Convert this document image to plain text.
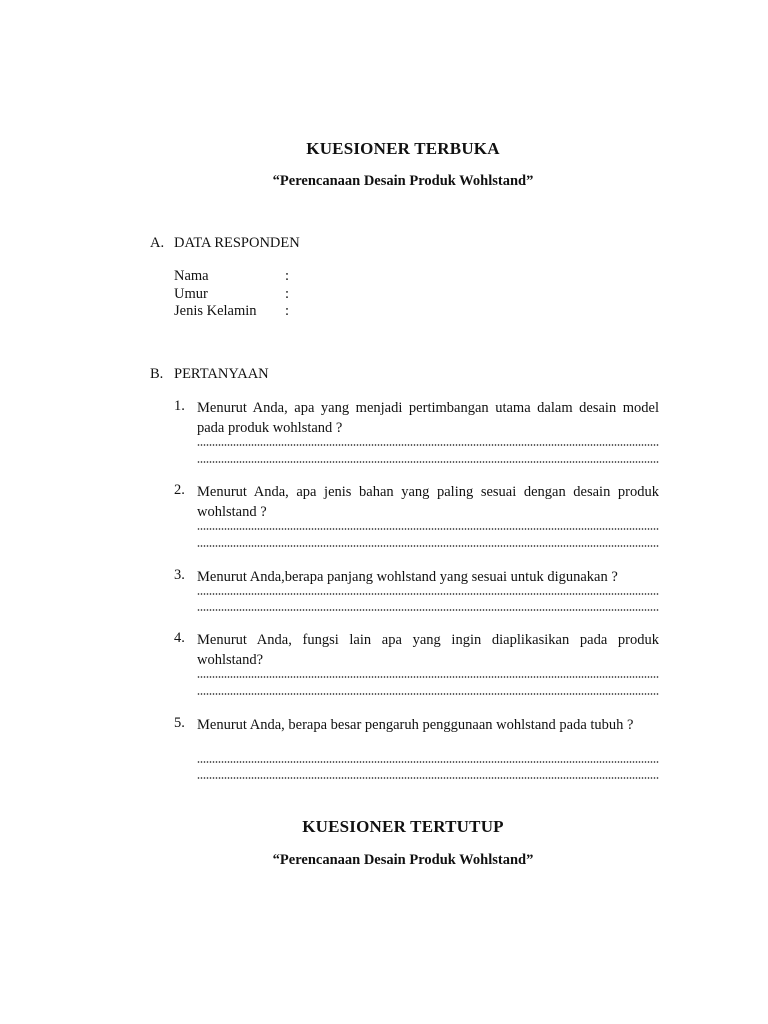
KUESIONER TERBUKA
“Perencanaan Desain Produk Wohlstand”
A. DATA RESPONDEN
Nama	:
Umur	:
Jenis Kelamin :
B. PERTANYAAN
1. Menurut Anda, apa yang menjadi pertimbangan utama dalam desain model pada produk wohlstand ?
2. Menurut Anda, apa jenis bahan yang paling sesuai dengan desain produk wohlstand ?
3. Menurut Anda,berapa panjang wohlstand yang sesuai untuk digunakan ?
4. Menurut Anda, fungsi lain apa yang ingin diaplikasikan pada produk wohlstand?
5. Menurut Anda, berapa besar pengaruh penggunaan wohlstand pada tubuh ?
KUESIONER TERTUTUP
“Perencanaan Desain Produk Wohlstand”
